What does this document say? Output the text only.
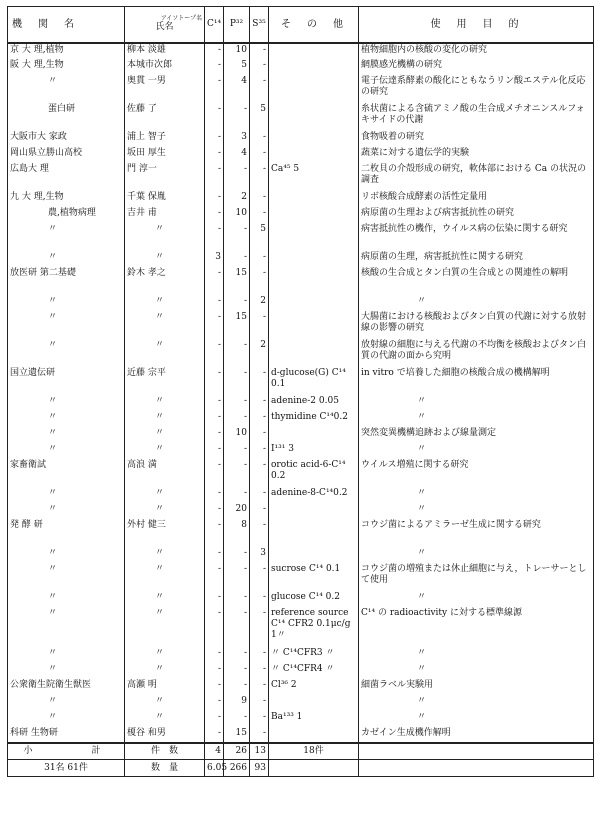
機　関　名	アイソトープ名
氏名	C¹⁴	P³²	S³⁵	そ　の　他	使　用　目　的
京 大 理,植物	柳本 淡雄	-	10	-		植物細胞内の核酸の変化の研究
阪 大 理,生物	本城市次郎	-	5	-		網膜感光機構の研究
〃	奥貫 一男	-	4	-		電子伝達系酵素の酸化にともなうリン酸エステル化反応の研究
蛋白研	佐藤 了	-	-	5		糸状菌による含硫アミノ酸の生合成メチオニンスルフォキサイドの代謝
大阪市大 家政	浦上 智子	-	3	-		食物吸着の研究
岡山県立勝山高校	坂田 厚生	-	4	-		蔬菜に対する遺伝学的実験
広島大 理	門 淳一	-	-	-	Ca⁴⁵ 5	二枚貝の介殻形成の研究，軟体部における Ca の状況の調査
九 大 理,生物	千葉 保胤	-	2	-		リボ核酸合成酵素の活性定量用
農,植物病理	吉井 甫	-	10	-		病原菌の生理および病害抵抗性の研究
〃	〃	-	-	5		病害抵抗性の機作，ウイルス病の伝染に関する研究
〃	〃	3	-	-		病原菌の生理，病害抵抗性に関する研究
放医研 第二基礎	鈴木 孝之	-	15	-		核酸の生合成とタン白質の生合成との関連性の解明
〃	〃	-	-	2		〃
〃	〃	-	15	-		大腸菌における核酸およびタン白質の代謝に対する放射線の影響の研究
〃	〃	-	-	2		放射線の細胞に与える代謝の不均衡を核酸およびタン白質の代謝の面から究明
国立遺伝研	近藤 宗平	-	-	-	d-glucose(G) C¹⁴ 0.1	in vitro で培養した細胞の核酸合成の機構解明
〃	〃	-	-	-	adenine-2 0.05	〃
〃	〃	-	-	-	thymidine C¹⁴0.2	〃
〃	〃	-	10	-		突然変異機構追跡および線量測定
〃	〃	-	-	-	I¹³¹ 3	〃
家畜衛試	高浪 満	-	-	-	orotic acid-6-C¹⁴ 0.2	ウイルス増殖に関する研究
〃	〃	-	-	-	adenine-8-C¹⁴0.2	〃
〃	〃	-	20	-		〃
発 酵 研	外村 健三	-	8	-		コウジ菌によるアミラーゼ生成に関する研究
〃	〃	-	-	3		〃
〃	〃	-	-	-	sucrose C¹⁴ 0.1	コウジ菌の増殖または休止細胞に与え，トレーサーとして使用
〃	〃	-	-	-	glucose C¹⁴ 0.2	〃
〃	〃	-	-	-	reference source C¹⁴ CFR2 0.1μc/g 1〃	C¹⁴ の radioactivity に対する標準線源
〃	〃	-	-	-	〃 C¹⁴CFR3 〃	〃
〃	〃	-	-	-	〃 C¹⁴CFR4 〃	〃
公衆衛生院衛生獣医	高瀬 明	-	-	-	Cl³⁶ 2	細菌ラベル実験用
〃	〃	-	9	-		〃
〃	〃	-	-	-	Ba¹³³ 1	〃
科研 生物研	榎谷 和男	-	15	-		カゼイン生成機作解明
小　　　計	件　数	4	26	13	18件	
31名 61件	数　量	6.05	266	93		
